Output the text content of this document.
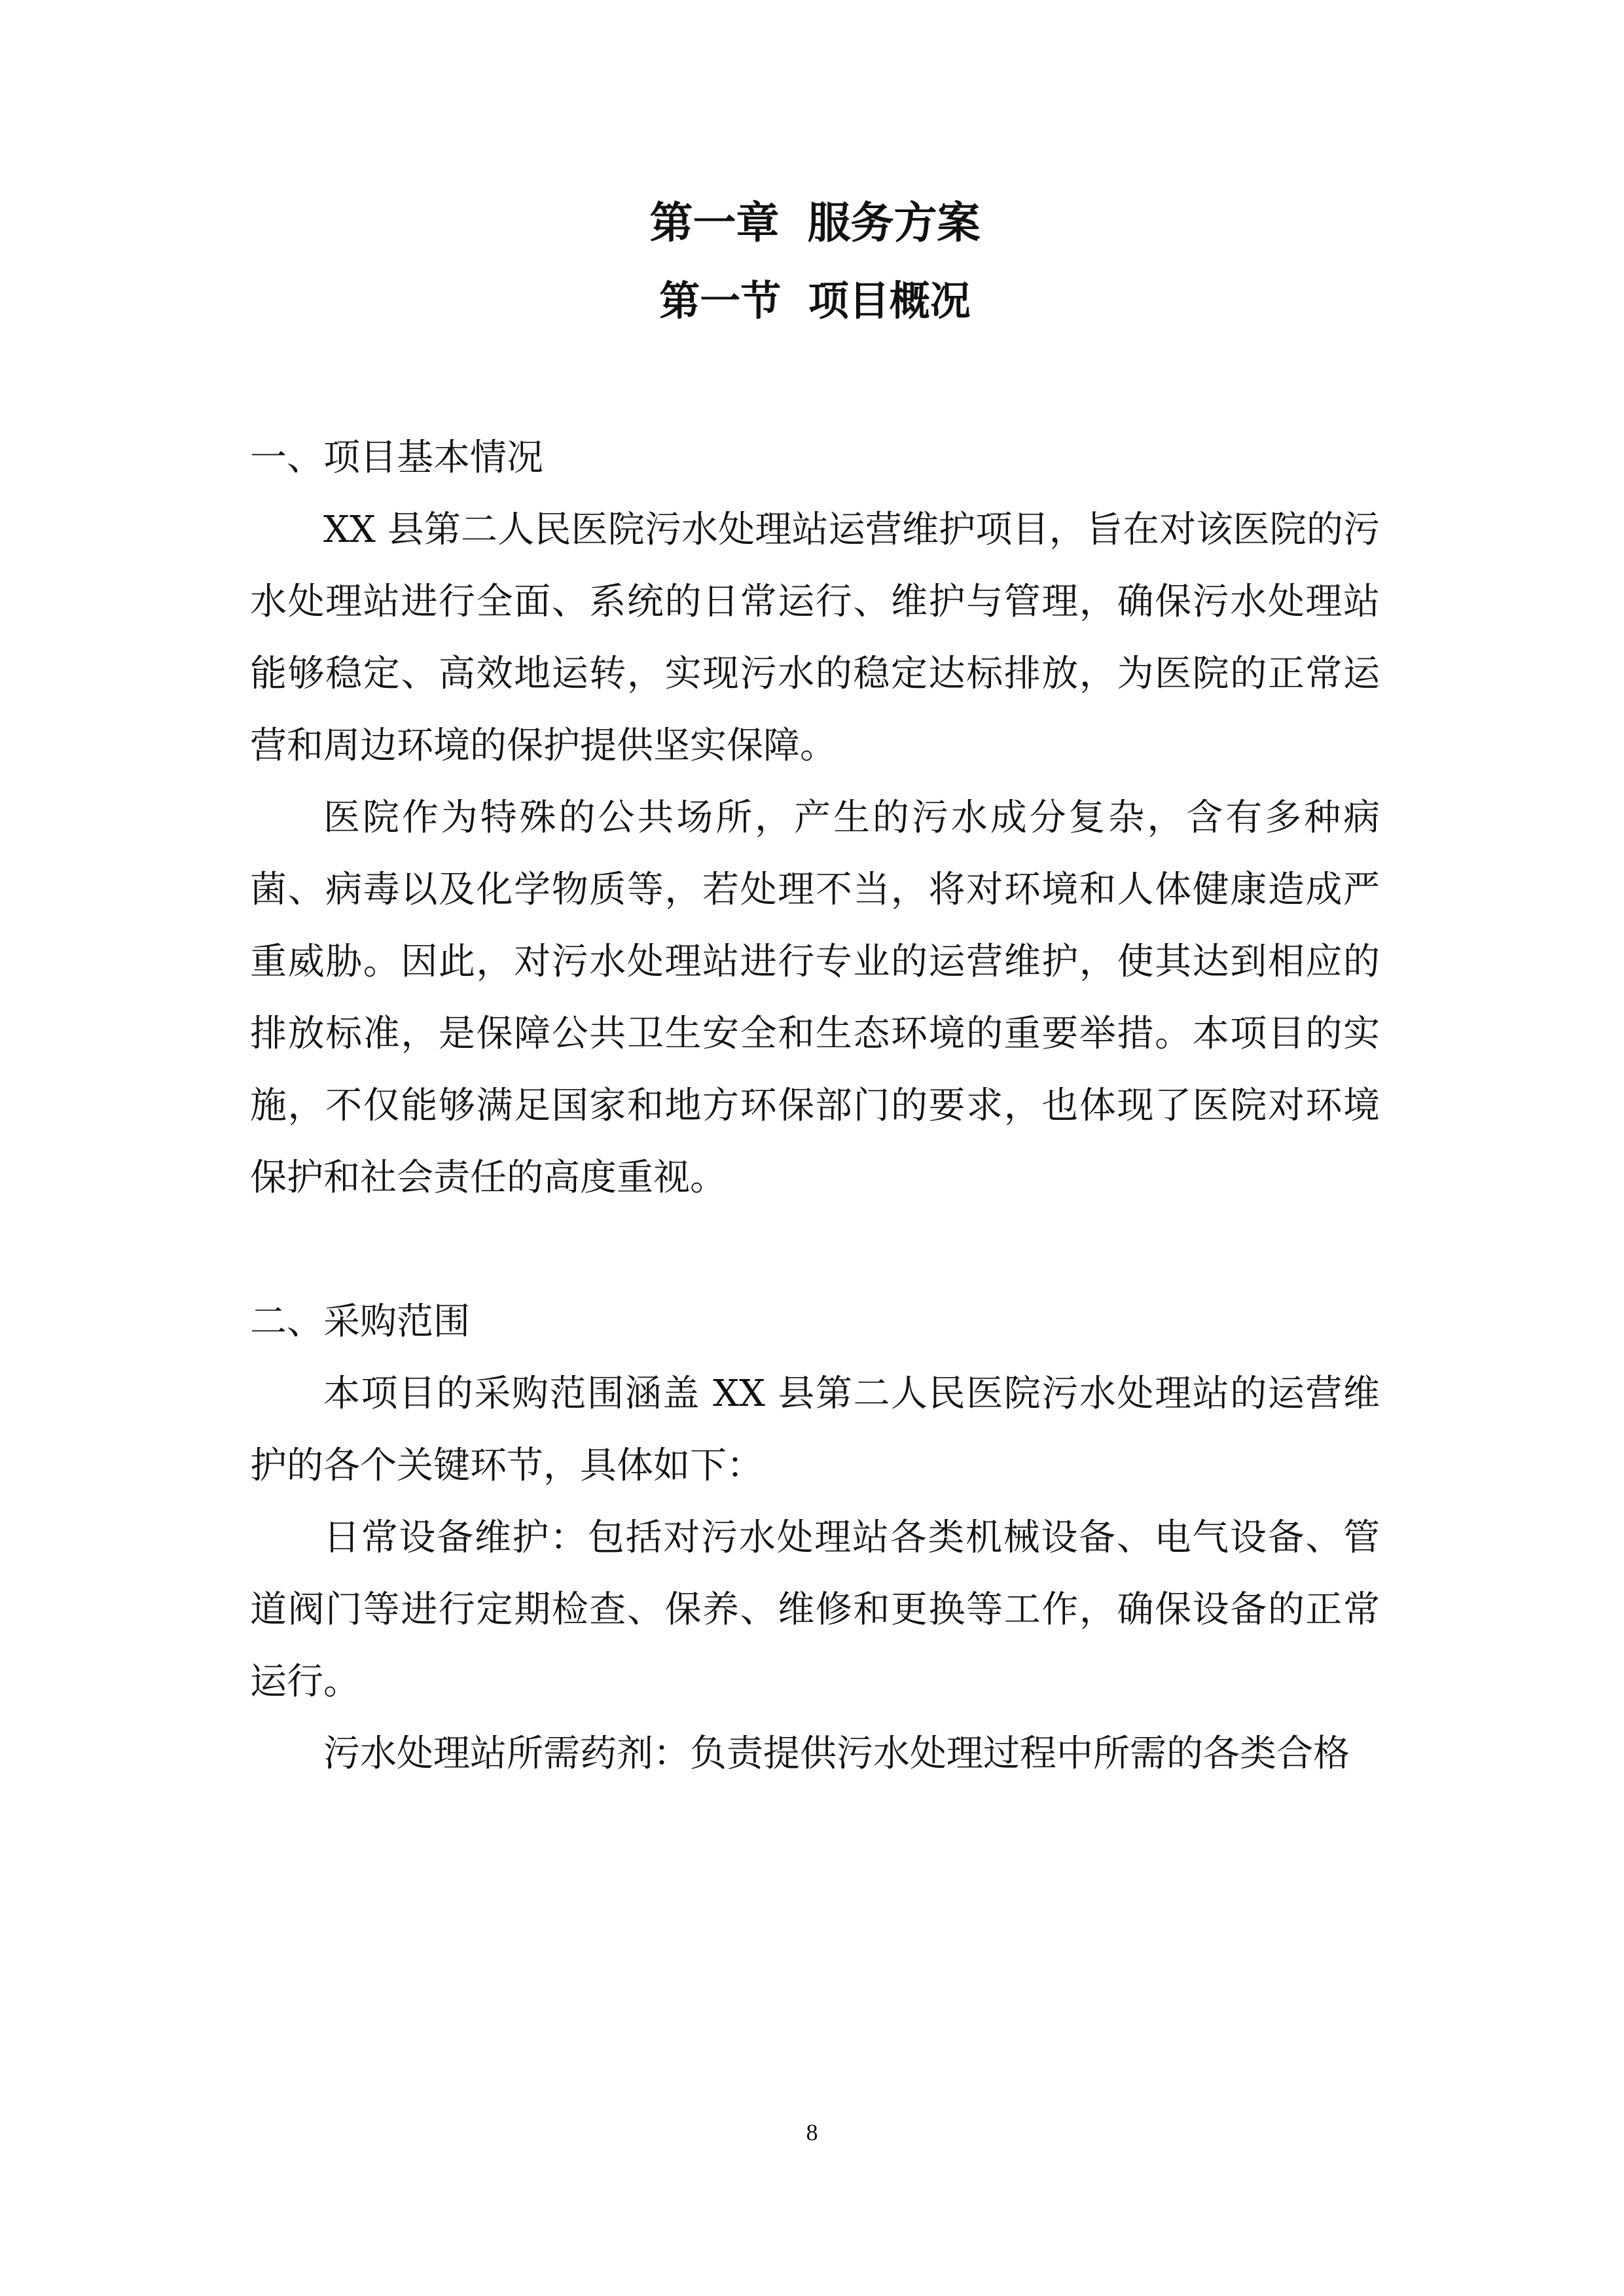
第一章 服务方案
第一节 项目概况

一、项目基本情况

XX 县第二人民医院污水处理站运营维护项目，旨在对该医院的污水处理站进行全面、系统的日常运行、维护与管理，确保污水处理站能够稳定、高效地运转，实现污水的稳定达标排放，为医院的正常运营和周边环境的保护提供坚实保障。

医院作为特殊的公共场所，产生的污水成分复杂，含有多种病菌、病毒以及化学物质等，若处理不当，将对环境和人体健康造成严重威胁。因此，对污水处理站进行专业的运营维护，使其达到相应的排放标准，是保障公共卫生安全和生态环境的重要举措。本项目的实施，不仅能够满足国家和地方环保部门的要求，也体现了医院对环境保护和社会责任的高度重视。

二、采购范围

本项目的采购范围涵盖 XX 县第二人民医院污水处理站的运营维护的各个关键环节，具体如下：

日常设备维护：包括对污水处理站各类机械设备、电气设备、管道阀门等进行定期检查、保养、维修和更换等工作，确保设备的正常运行。

污水处理站所需药剂：负责提供污水处理过程中所需的各类合格

8
